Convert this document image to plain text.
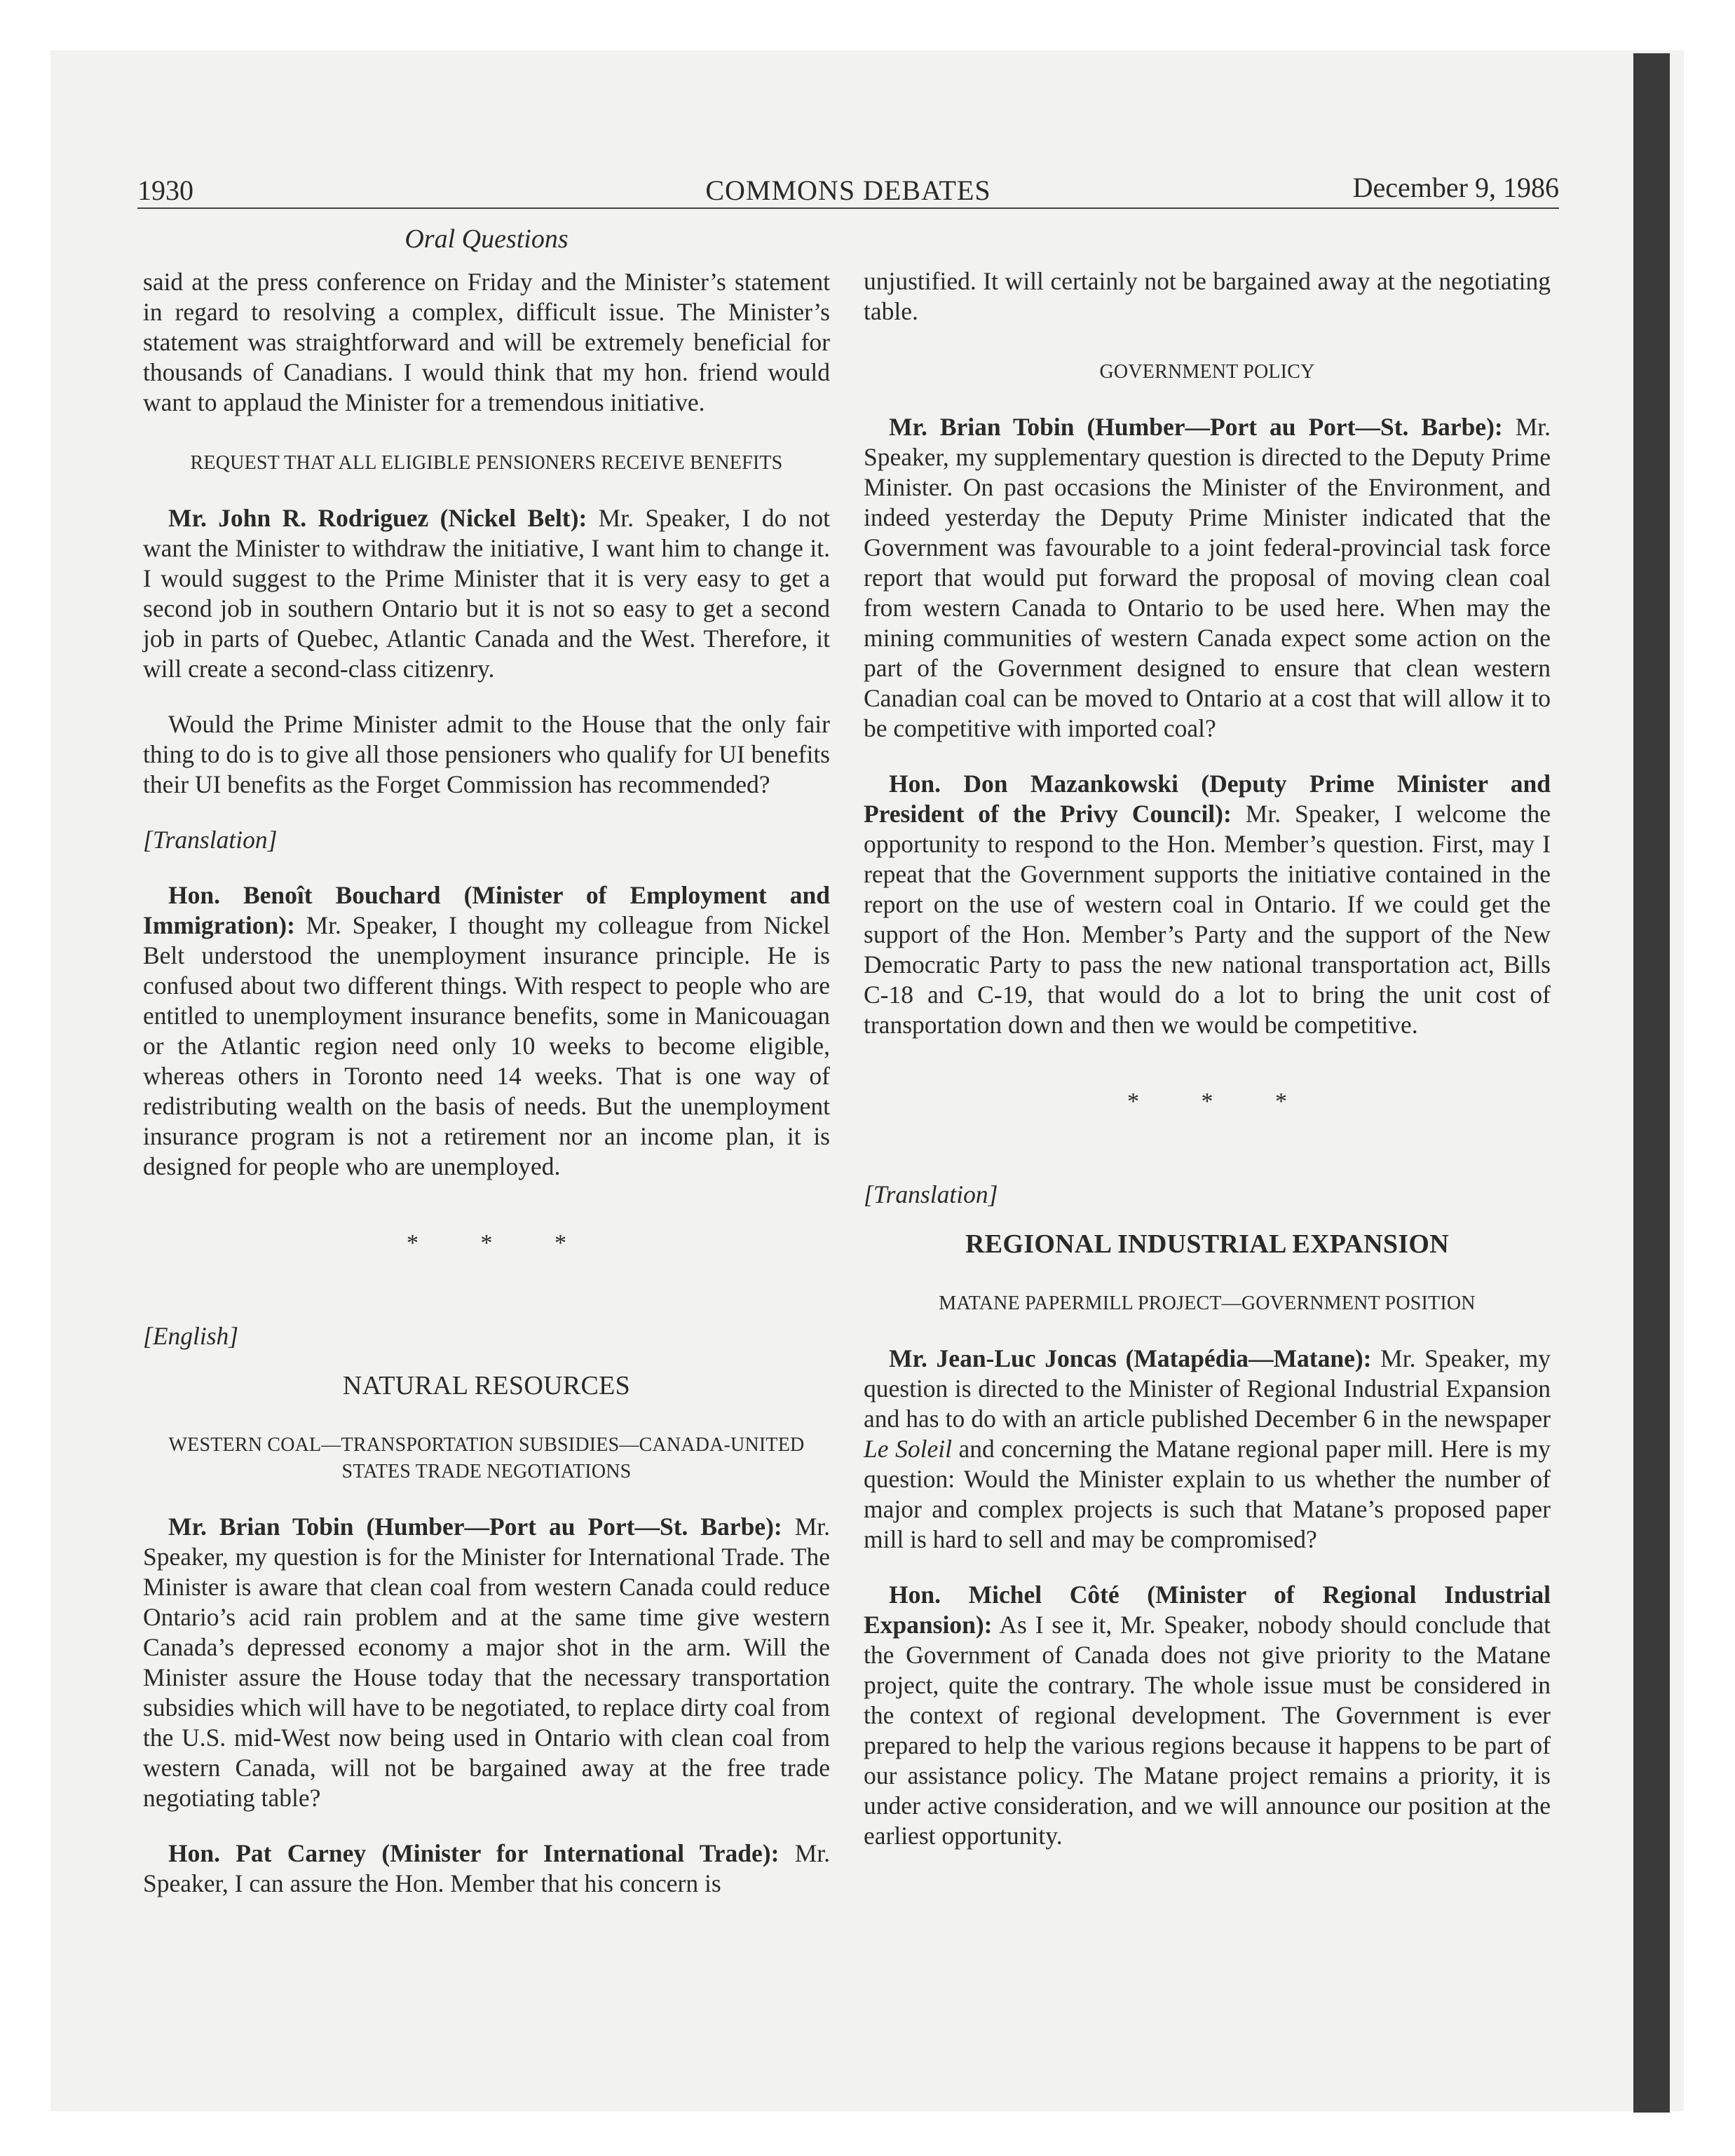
1930	COMMONS DEBATES	December 9, 1986
Oral Questions

said at the press conference on Friday and the Minister’s statement in regard to resolving a complex, difficult issue. The Minister’s statement was straightforward and will be extremely beneficial for thousands of Canadians. I would think that my hon. friend would want to applaud the Minister for a tremendous initiative.

REQUEST THAT ALL ELIGIBLE PENSIONERS RECEIVE BENEFITS

Mr. John R. Rodriguez (Nickel Belt): Mr. Speaker, I do not want the Minister to withdraw the initiative, I want him to change it. I would suggest to the Prime Minister that it is very easy to get a second job in southern Ontario but it is not so easy to get a second job in parts of Quebec, Atlantic Canada and the West. Therefore, it will create a second-class citizenry.

Would the Prime Minister admit to the House that the only fair thing to do is to give all those pensioners who qualify for UI benefits their UI benefits as the Forget Commission has recommended?

[Translation]

Hon. Benoît Bouchard (Minister of Employment and Immigration): Mr. Speaker, I thought my colleague from Nickel Belt understood the unemployment insurance principle. He is confused about two different things. With respect to people who are entitled to unemployment insurance benefits, some in Manicouagan or the Atlantic region need only 10 weeks to become eligible, whereas others in Toronto need 14 weeks. That is one way of redistributing wealth on the basis of needs. But the unemployment insurance program is not a retirement nor an income plan, it is designed for people who are unemployed.

* * *
[English]
NATURAL RESOURCES
WESTERN COAL—TRANSPORTATION SUBSIDIES—CANADA-UNITED STATES TRADE NEGOTIATIONS

Mr. Brian Tobin (Humber—Port au Port—St. Barbe): Mr. Speaker, my question is for the Minister for International Trade. The Minister is aware that clean coal from western Canada could reduce Ontario’s acid rain problem and at the same time give western Canada’s depressed economy a major shot in the arm. Will the Minister assure the House today that the necessary transportation subsidies which will have to be negotiated, to replace dirty coal from the U.S. mid-West now being used in Ontario with clean coal from western Canada, will not be bargained away at the free trade negotiating table?

Hon. Pat Carney (Minister for International Trade): Mr. Speaker, I can assure the Hon. Member that his concern is

unjustified. It will certainly not be bargained away at the negotiating table.

GOVERNMENT POLICY

Mr. Brian Tobin (Humber—Port au Port—St. Barbe): Mr. Speaker, my supplementary question is directed to the Deputy Prime Minister. On past occasions the Minister of the Environment, and indeed yesterday the Deputy Prime Minister indicated that the Government was favourable to a joint federal-provincial task force report that would put forward the proposal of moving clean coal from western Canada to Ontario to be used here. When may the mining communities of western Canada expect some action on the part of the Government designed to ensure that clean western Canadian coal can be moved to Ontario at a cost that will allow it to be competitive with imported coal?

Hon. Don Mazankowski (Deputy Prime Minister and President of the Privy Council): Mr. Speaker, I welcome the opportunity to respond to the Hon. Member’s question. First, may I repeat that the Government supports the initiative contained in the report on the use of western coal in Ontario. If we could get the support of the Hon. Member’s Party and the support of the New Democratic Party to pass the new national transportation act, Bills C-18 and C-19, that would do a lot to bring the unit cost of transportation down and then we would be competitive.

* * *
[Translation]
REGIONAL INDUSTRIAL EXPANSION
MATANE PAPERMILL PROJECT—GOVERNMENT POSITION

Mr. Jean-Luc Joncas (Matapédia—Matane): Mr. Speaker, my question is directed to the Minister of Regional Industrial Expansion and has to do with an article published December 6 in the newspaper Le Soleil and concerning the Matane regional paper mill. Here is my question: Would the Minister explain to us whether the number of major and complex projects is such that Matane’s proposed paper mill is hard to sell and may be compromised?

Hon. Michel Côté (Minister of Regional Industrial Expansion): As I see it, Mr. Speaker, nobody should conclude that the Government of Canada does not give priority to the Matane project, quite the contrary. The whole issue must be considered in the context of regional development. The Government is ever prepared to help the various regions because it happens to be part of our assistance policy. The Matane project remains a priority, it is under active consideration, and we will announce our position at the earliest opportunity.
